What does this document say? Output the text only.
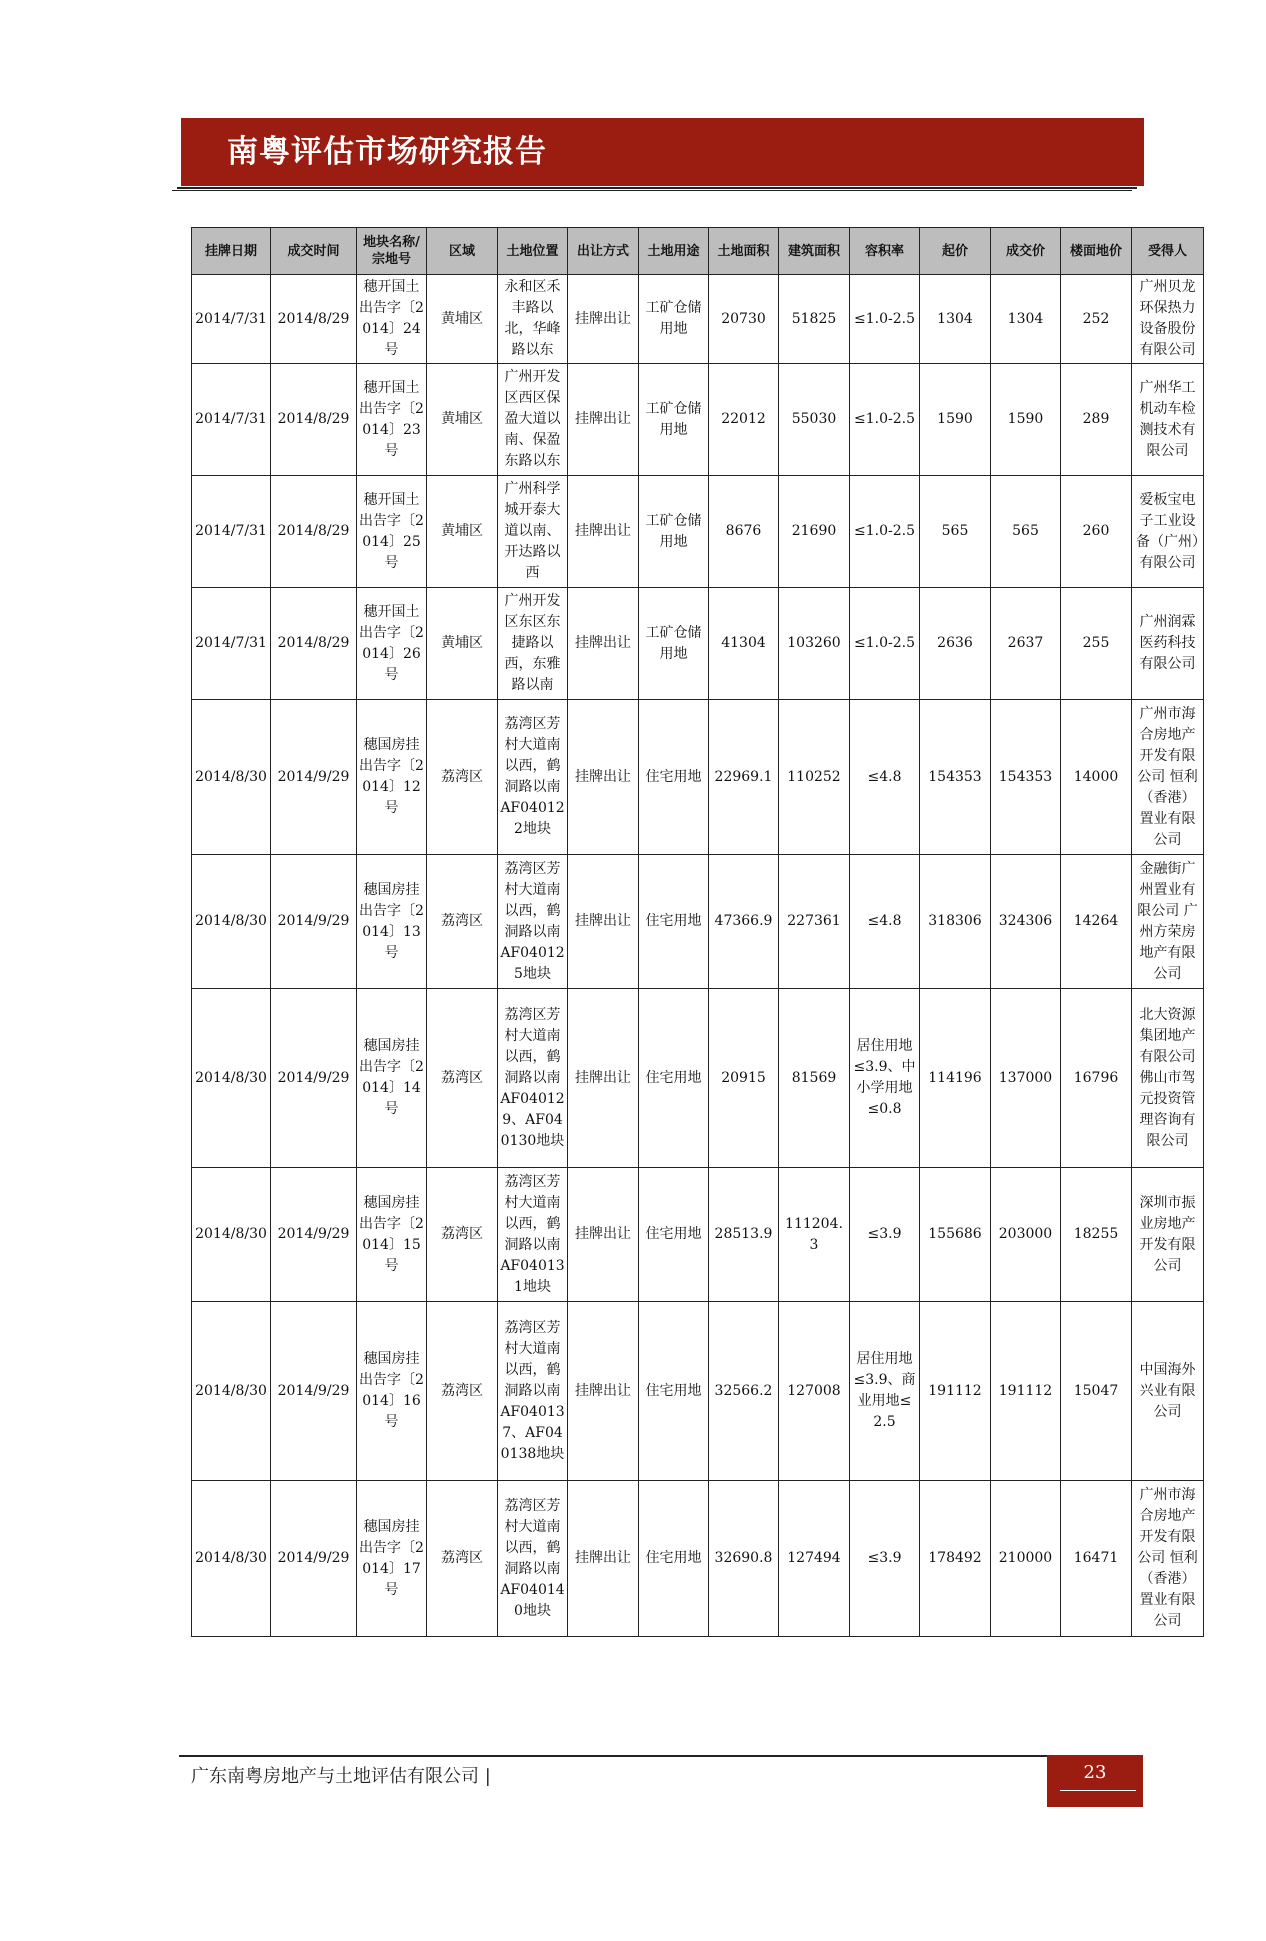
南粤评估市场研究报告
挂牌日期	成交时间	地块名称/宗地号	区域	土地位置	出让方式	土地用途	土地面积	建筑面积	容积率	起价	成交价	楼面地价	受得人
2014/7/31	2014/8/29	穗开国土出告字〔2014〕24号	黄埔区	永和区禾丰路以北，华峰路以东	挂牌出让	工矿仓储用地	20730	51825	≤1.0-2.5	1304	1304	252	广州贝龙环保热力设备股份有限公司
2014/7/31	2014/8/29	穗开国土出告字〔2014〕23号	黄埔区	广州开发区西区保盈大道以南、保盈东路以东	挂牌出让	工矿仓储用地	22012	55030	≤1.0-2.5	1590	1590	289	广州华工机动车检测技术有限公司
2014/7/31	2014/8/29	穗开国土出告字〔2014〕25号	黄埔区	广州科学城开泰大道以南、开达路以西	挂牌出让	工矿仓储用地	8676	21690	≤1.0-2.5	565	565	260	爱板宝电子工业设备（广州）有限公司
2014/7/31	2014/8/29	穗开国土出告字〔2014〕26号	黄埔区	广州开发区东区东捷路以西，东雅路以南	挂牌出让	工矿仓储用地	41304	103260	≤1.0-2.5	2636	2637	255	广州润霖医药科技有限公司
2014/8/30	2014/9/29	穗国房挂出告字〔2014〕12号	荔湾区	荔湾区芳村大道南以西，鹤洞路以南AF040122地块	挂牌出让	住宅用地	22969.1	110252	≤4.8	154353	154353	14000	广州市海合房地产开发有限公司 恒利（香港）置业有限公司
2014/8/30	2014/9/29	穗国房挂出告字〔2014〕13号	荔湾区	荔湾区芳村大道南以西，鹤洞路以南AF040125地块	挂牌出让	住宅用地	47366.9	227361	≤4.8	318306	324306	14264	金融街广州置业有限公司 广州方荣房地产有限公司
2014/8/30	2014/9/29	穗国房挂出告字〔2014〕14号	荔湾区	荔湾区芳村大道南以西，鹤洞路以南AF040129、AF040130地块	挂牌出让	住宅用地	20915	81569	居住用地≤3.9、中小学用地≤0.8	114196	137000	16796	北大资源集团地产有限公司 佛山市驾元投资管理咨询有限公司
2014/8/30	2014/9/29	穗国房挂出告字〔2014〕15号	荔湾区	荔湾区芳村大道南以西，鹤洞路以南AF040131地块	挂牌出让	住宅用地	28513.9	111204.3	≤3.9	155686	203000	18255	深圳市振业房地产开发有限公司
2014/8/30	2014/9/29	穗国房挂出告字〔2014〕16号	荔湾区	荔湾区芳村大道南以西，鹤洞路以南AF040137、AF040138地块	挂牌出让	住宅用地	32566.2	127008	居住用地≤3.9、商业用地≤2.5	191112	191112	15047	中国海外兴业有限公司
2014/8/30	2014/9/29	穗国房挂出告字〔2014〕17号	荔湾区	荔湾区芳村大道南以西，鹤洞路以南AF040140地块	挂牌出让	住宅用地	32690.8	127494	≤3.9	178492	210000	16471	广州市海合房地产开发有限公司 恒利（香港）置业有限公司
广东南粤房地产与土地评估有限公司 |	23
